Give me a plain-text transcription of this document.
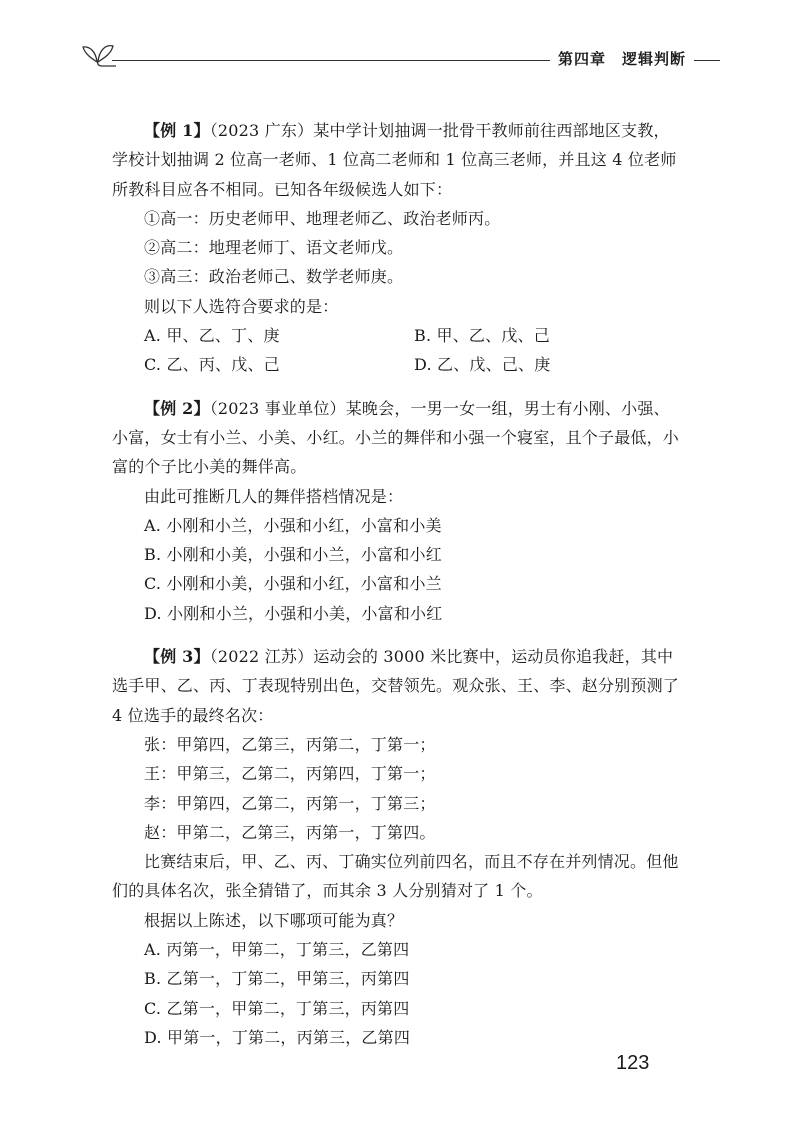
第四章 逻辑判断

【例 1】（2023 广东）某中学计划抽调一批骨干教师前往西部地区支教，学校计划抽调 2 位高一老师、1 位高二老师和 1 位高三老师，并且这 4 位老师所教科目应各不相同。已知各年级候选人如下：

①高一：历史老师甲、地理老师乙、政治老师丙。

②高二：地理老师丁、语文老师戊。

③高三：政治老师己、数学老师庚。

则以下人选符合要求的是：

A. 甲、乙、丁、庚	B. 甲、乙、戊、己
C. 乙、丙、戊、己	D. 乙、戊、己、庚

【例 2】（2023 事业单位）某晚会，一男一女一组，男士有小刚、小强、小富，女士有小兰、小美、小红。小兰的舞伴和小强一个寝室，且个子最低，小富的个子比小美的舞伴高。

由此可推断几人的舞伴搭档情况是：

A. 小刚和小兰，小强和小红，小富和小美

B. 小刚和小美，小强和小兰，小富和小红

C. 小刚和小美，小强和小红，小富和小兰

D. 小刚和小兰，小强和小美，小富和小红

【例 3】（2022 江苏）运动会的 3000 米比赛中，运动员你追我赶，其中选手甲、乙、丙、丁表现特别出色，交替领先。观众张、王、李、赵分别预测了 4 位选手的最终名次：

张：甲第四，乙第三，丙第二，丁第一；

王：甲第三，乙第二，丙第四，丁第一；

李：甲第四，乙第二，丙第一，丁第三；

赵：甲第二，乙第三，丙第一，丁第四。

比赛结束后，甲、乙、丙、丁确实位列前四名，而且不存在并列情况。但他们的具体名次，张全猜错了，而其余 3 人分别猜对了 1 个。

根据以上陈述，以下哪项可能为真？

A. 丙第一，甲第二，丁第三，乙第四

B. 乙第一，丁第二，甲第三，丙第四

C. 乙第一，甲第二，丁第三，丙第四

D. 甲第一，丁第二，丙第三，乙第四

123
